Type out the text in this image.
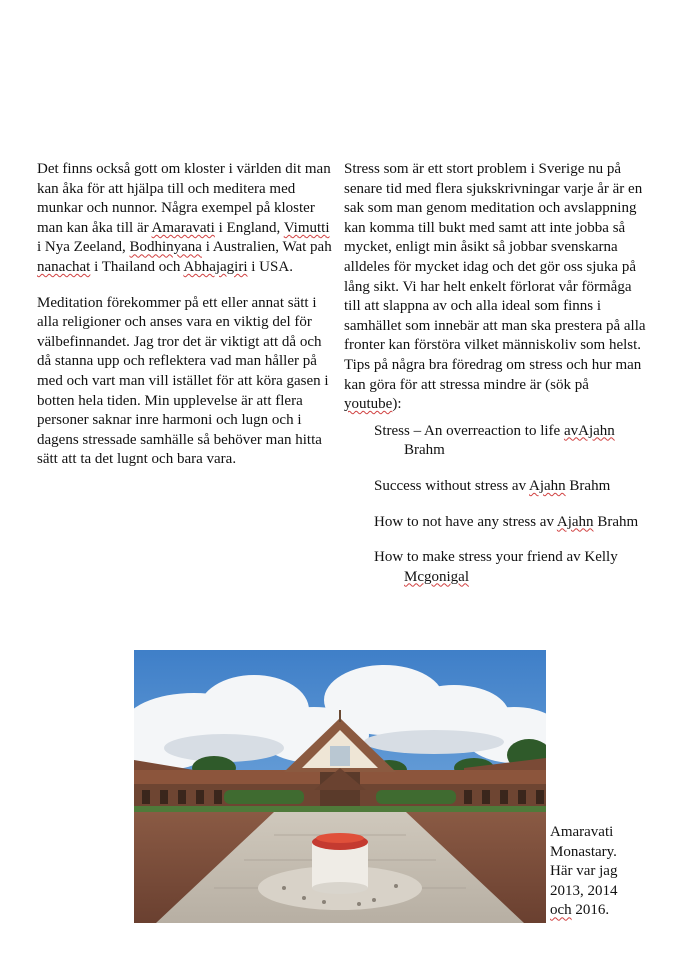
Det finns också gott om kloster i världen dit man kan åka för att hjälpa till och meditera med munkar och nunnor. Några exempel på kloster man kan åka till är Amaravati i England, Vimutti i Nya Zeeland, Bodhinyana i Australien, Wat pah nanachat i Thailand och Abhajagiri i USA.

Meditation förekommer på ett eller annat sätt i alla religioner och anses vara en viktig del för välbefinnandet. Jag tror det är viktigt att då och då stanna upp och reflektera vad man håller på med och vart man vill istället för att köra gasen i botten hela tiden. Min upplevelse är att flera personer saknar inre harmoni och lugn och i dagens stressade samhälle så behöver man hitta sätt att ta det lugnt och bara vara.

Stress som är ett stort problem i Sverige nu på senare tid med flera sjukskrivningar varje år är en sak som man genom meditation och avslappning kan komma till bukt med samt att inte jobba så mycket, enligt min åsikt så jobbar svenskarna alldeles för mycket idag och det gör oss sjuka på lång sikt. Vi har helt enkelt förlorat vår förmåga till att slappna av och alla ideal som finns i samhället som innebär att man ska prestera på alla fronter kan förstöra vilket människoliv som helst. Tips på några bra föredrag om stress och hur man kan göra för att stressa mindre är (sök på youtube):

Stress – An overreaction to life avAjahn Brahm
Success without stress av Ajahn Brahm
How to not have any stress av Ajahn Brahm
How to make stress your friend av Kelly Mcgonigal
Amaravati
Monastary.
Här var jag
2013, 2014
och 2016.
